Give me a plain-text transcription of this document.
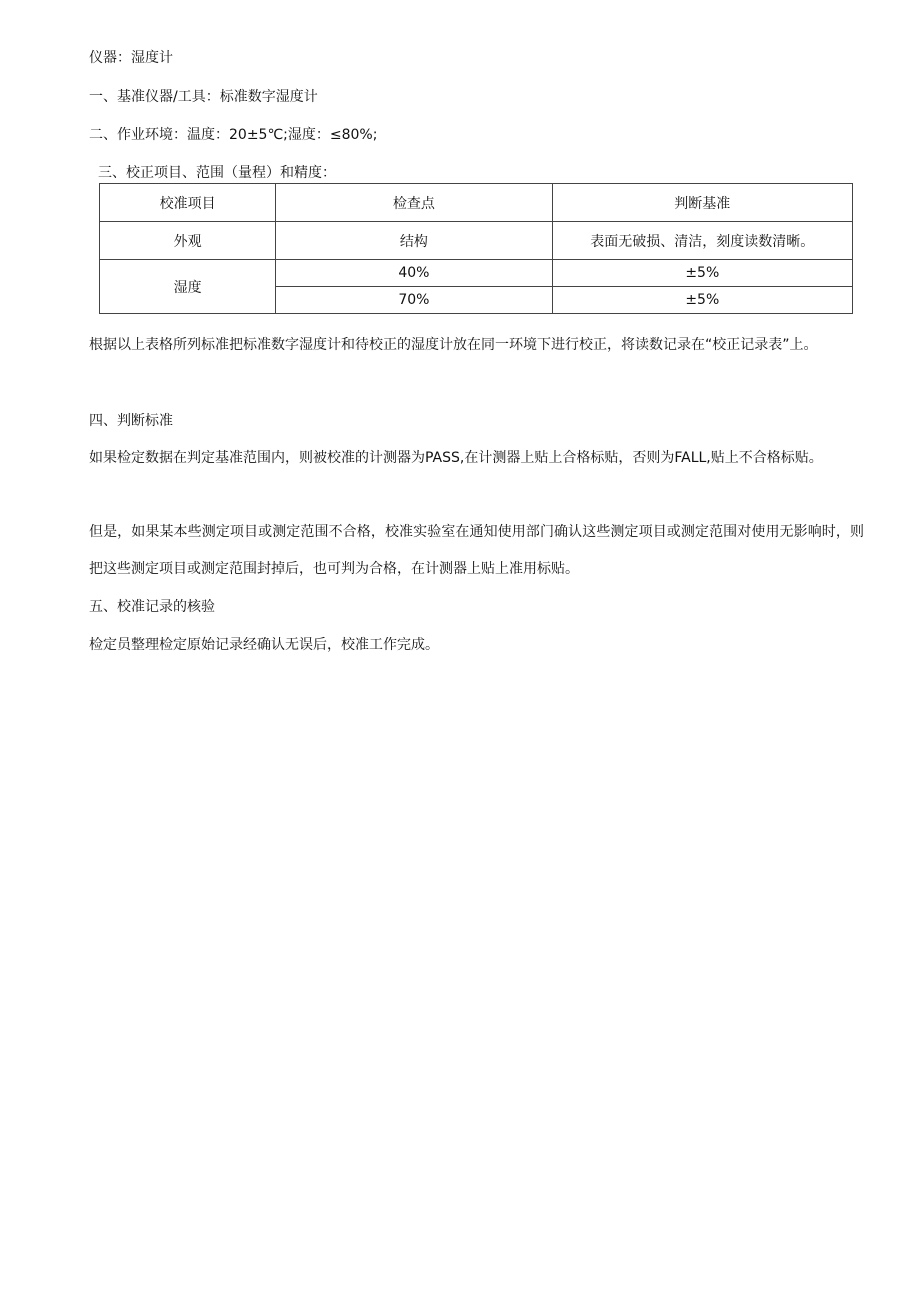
仪器：湿度计
一、基准仪器/工具：标准数字湿度计
二、作业环境：温度：20±5℃;湿度：≤80%;
三、校正项目、范围（量程）和精度：
校准项目	检查点	判断基准
外观	结构	表面无破损、清洁，刻度读数清晰。
湿度	40%	±5%
	70%	±5%
根据以上表格所列标准把标准数字湿度计和待校正的湿度计放在同一环境下进行校正，将读数记录在“校正记录表”上。
四、判断标准
如果检定数据在判定基准范围内，则被校准的计测器为PASS,在计测器上贴上合格标贴，否则为FALL,贴上不合格标贴。
但是，如果某本些测定项目或测定范围不合格，校准实验室在通知使用部门确认这些测定项目或测定范围对使用无影响时，则把这些测定项目或测定范围封掉后，也可判为合格，在计测器上贴上准用标贴。
五、校准记录的核验
检定员整理检定原始记录经确认无误后，校准工作完成。
